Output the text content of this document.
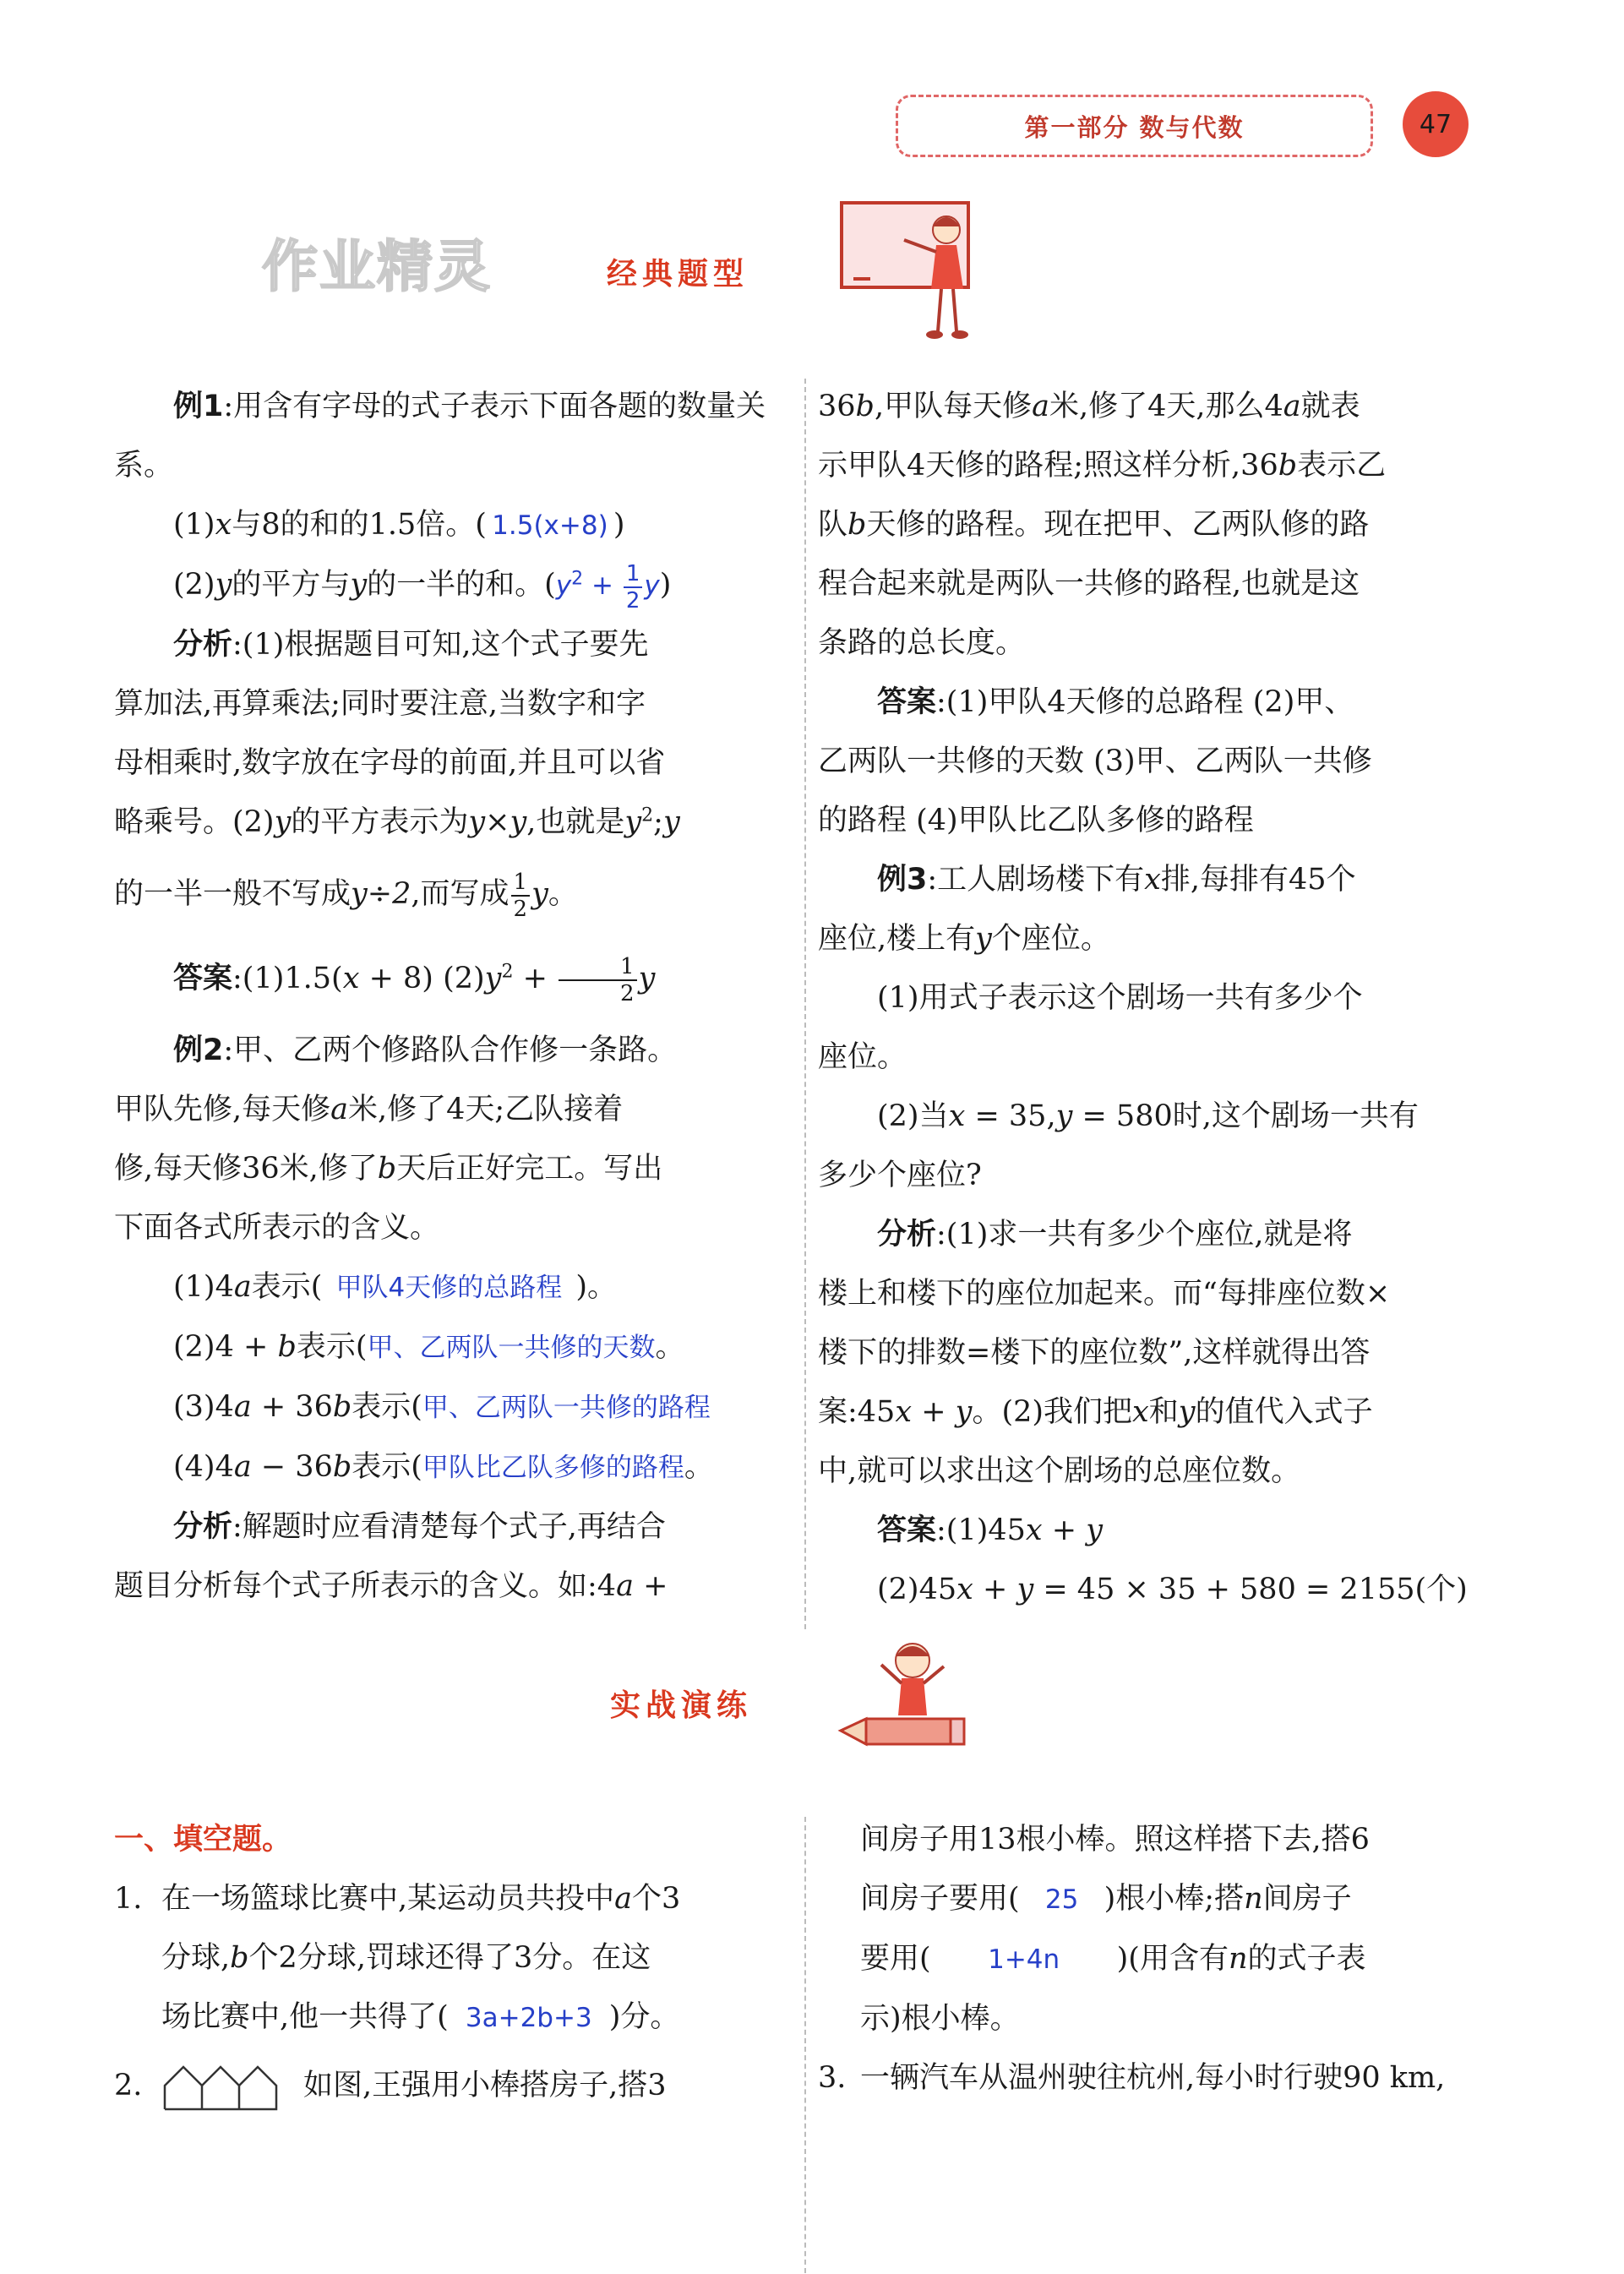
第一部分 数与代数	47
作业精灵	经典题型

例1:用含有字母的式子表示下面各题的数量关系。

(1)x与8的和的1.5倍。( 1.5(x+8) )

(2)y的平方与y的一半的和。$(y^2 + \frac{1}{2} y)$

分析:(1)根据题目可知,这个式子要先

算加法,再算乘法;同时要注意,当数字和字

母相乘时,数字放在字母的前面,并且可以省

略乘号。(2)y的平方表示为y×y,也就是$y^2;y$

的一半一般不写成y÷2,而写成 $\frac{1}{2}$ y。

答案:(1)1.5(x + 8) $(2)y^2 + \frac{1}{2}$ y

例2:甲、乙两个修路队合作修一条路。

甲队先修,每天修a米,修了4天;乙队接着

修,每天修36米,修了b天后正好完工。写出

下面各式所表示的含义。

(1)4a表示( 甲队4天修的总路程 )。

(2)4 + b表示(甲、乙两队一共修的天数。

(3)4a + 36b表示(甲、乙两队一共修的路程

(4)4a − 36b表示(甲队比乙队多修的路程。

分析:解题时应看清楚每个式子,再结合

题目分析每个式子所表示的含义。如:4a +

36b,甲队每天修a米,修了4天,那么4a就表

示甲队4天修的路程;照这样分析,36b表示乙

队b天修的路程。现在把甲、乙两队修的路

程合起来就是两队一共修的路程,也就是这

条路的总长度。

答案:(1)甲队4天修的总路程 (2)甲、

乙两队一共修的天数 (3)甲、乙两队一共修

的路程 (4)甲队比乙队多修的路程

例3:工人剧场楼下有x排,每排有45个

座位,楼上有y个座位。

(1)用式子表示这个剧场一共有多少个

座位。

(2)当x = 35,y = 580时,这个剧场一共有

多少个座位?

分析:(1)求一共有多少个座位,就是将

楼上和楼下的座位加起来。而“每排座位数×

楼下的排数=楼下的座位数”,这样就得出答

案:45x + y。(2)我们把x和y的值代入式子

中,就可以求出这个剧场的总座位数。

答案:(1)45x + y

(2)45x + y = 45 × 35 + 580 = 2155(个)

实战演练

一、填空题。

1. 在一场篮球比赛中,某运动员共投中a个3

分球,b个2分球,罚球还得了3分。在这

场比赛中,他一共得了( 3a+2b+3 )分。

2.	如图,王强用小棒搭房子,搭3

间房子用13根小棒。照这样搭下去,搭6

间房子要用( 25 )根小棒;搭n间房子

要用( 1+4n )(用含有n的式子表

示)根小棒。

3. 一辆汽车从温州驶往杭州,每小时行驶90 km,
